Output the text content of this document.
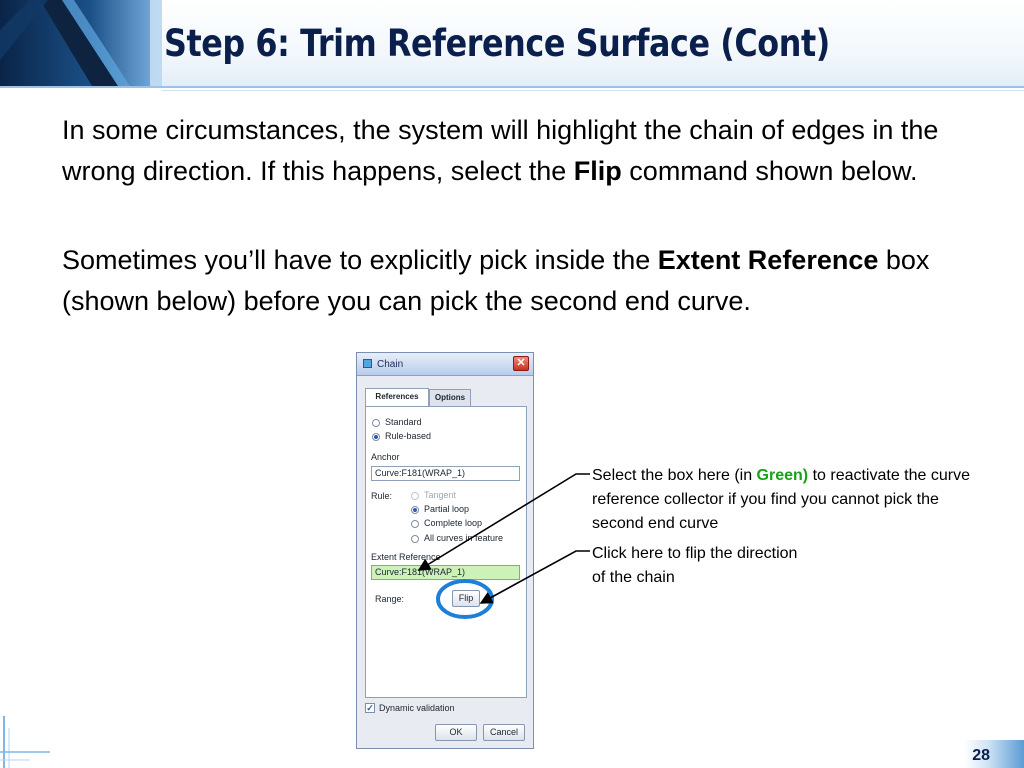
Step 6: Trim Reference Surface (Cont)

In some circumstances, the system will highlight the chain of edges in the wrong direction. If this happens, select the Flip command shown below.

Sometimes you’ll have to explicitly pick inside the Extent Reference box (shown below) before you can pick the second end curve.

Chain	✕
References	Options
Standard
Rule-based
Anchor
Curve:F181(WRAP_1)
Rule:	Tangent
Partial loop
Complete loop
All curves in feature
Extent Reference
Curve:F181(WRAP_1)
Range:	Flip
✓ Dynamic validation
OK	Cancel

Select the box here (in Green) to reactivate the curve reference collector if you find you cannot pick the second end curve

Click here to flip the direction of the chain

28
